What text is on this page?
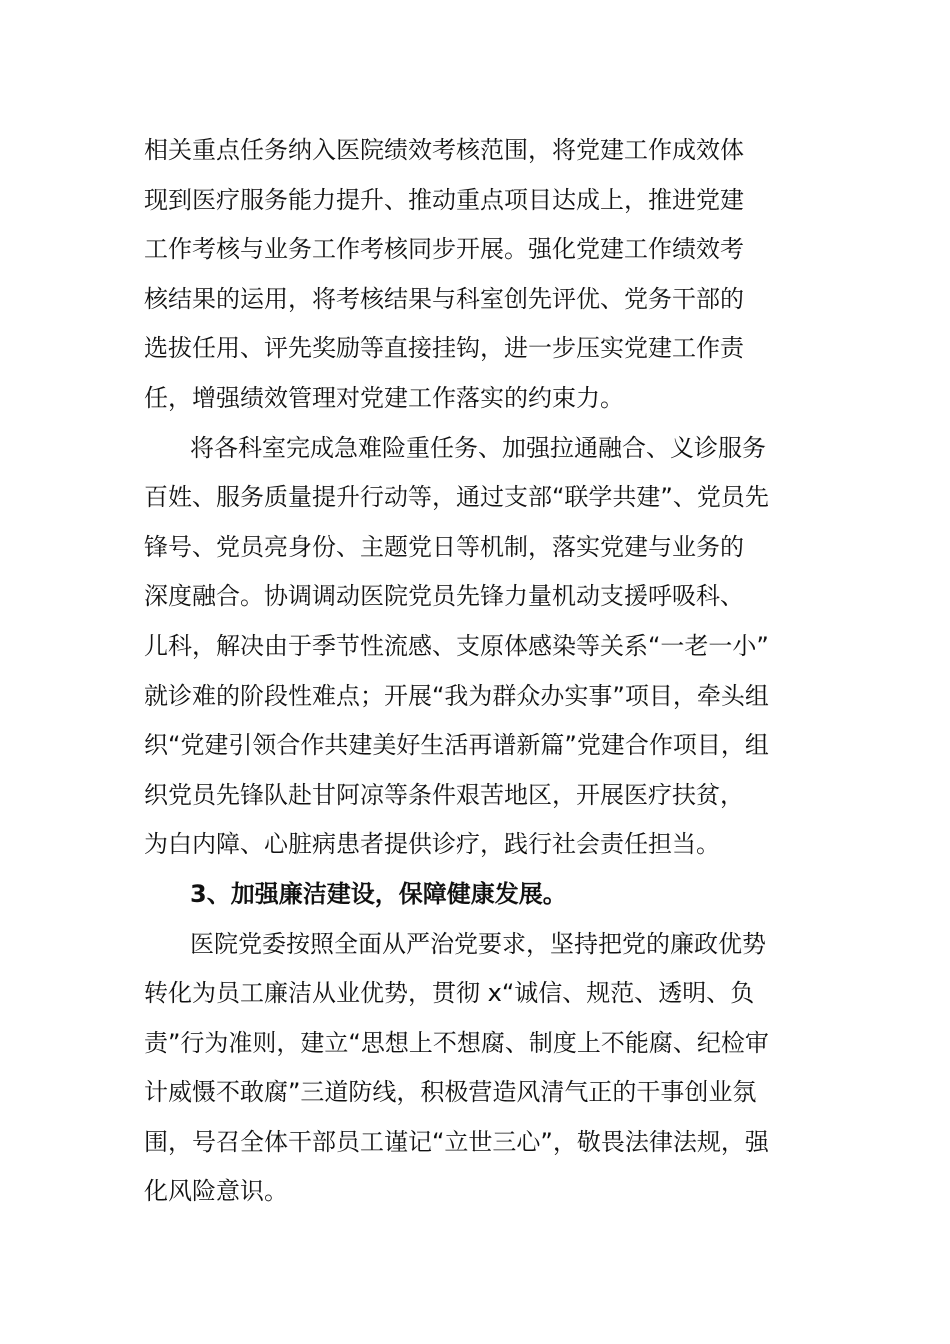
相关重点任务纳入医院绩效考核范围，将党建工作成效体
现到医疗服务能力提升、推动重点项目达成上，推进党建
工作考核与业务工作考核同步开展。强化党建工作绩效考
核结果的运用，将考核结果与科室创先评优、党务干部的
选拔任用、评先奖励等直接挂钩，进一步压实党建工作责
任，增强绩效管理对党建工作落实的约束力。
将各科室完成急难险重任务、加强拉通融合、义诊服务
百姓、服务质量提升行动等，通过支部“联学共建”、党员先
锋号、党员亮身份、主题党日等机制，落实党建与业务的
深度融合。协调调动医院党员先锋力量机动支援呼吸科、
儿科，解决由于季节性流感、支原体感染等关系“一老一小”
就诊难的阶段性难点；开展“我为群众办实事”项目，牵头组
织“党建引领合作共建美好生活再谱新篇”党建合作项目，组
织党员先锋队赴甘阿凉等条件艰苦地区，开展医疗扶贫，
为白内障、心脏病患者提供诊疗，践行社会责任担当。
3、加强廉洁建设，保障健康发展。
医院党委按照全面从严治党要求，坚持把党的廉政优势
转化为员工廉洁从业优势，贯彻 x“诚信、规范、透明、负
责”行为准则，建立“思想上不想腐、制度上不能腐、纪检审
计威慑不敢腐”三道防线，积极营造风清气正的干事创业氛
围，号召全体干部员工谨记“立世三心”，敬畏法律法规，强
化风险意识。
